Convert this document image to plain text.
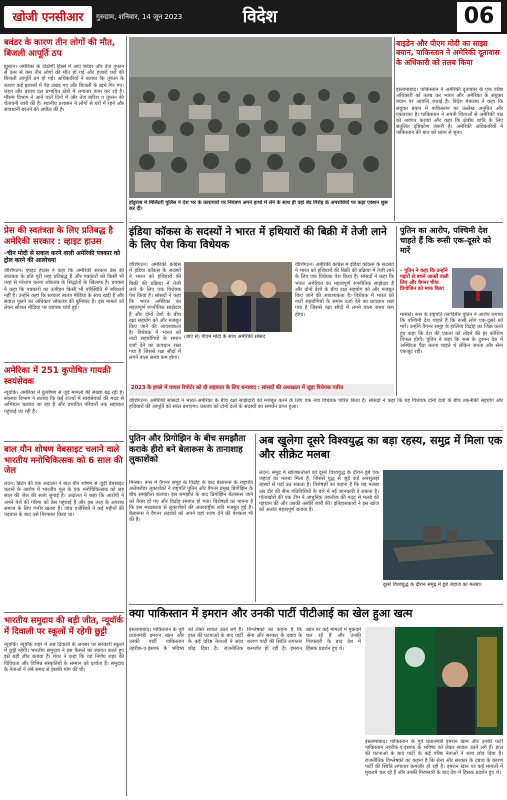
खोजी एनसीआर	गुरुग्राम, शनिवार, 14 जून 2023	विदेश	06
बवंडर के कारण तीन लोगों की मौत, बिजली आपूर्ति ठप
ह्यूस्टन। अमेरिका के दक्षिणी हिस्से में आए बवंडर और तेज तूफान से कम से कम तीन लोगों की मौत हो गई और हजारों घरों की बिजली आपूर्ति ठप हो गई। अधिकारियों ने बताया कि तूफान के कारण कई इलाकों में पेड़ उखड़ गए और बिजली के खंभे गिर गए। राहत और बचाव दल प्रभावित क्षेत्रों में लगातार काम कर रहे हैं। मौसम विभाग ने आने वाले दिनों में और तेज बारिश व तूफान की चेतावनी जारी की है। स्थानीय प्रशासन ने लोगों से घरों में रहने और सावधानी बरतने की अपील की है।
प्रेस की स्वतंत्रता के लिए प्रतिबद्ध है अमेरिकी सरकार : व्हाइट हाउस
–चीन मोदी से सवाल करने वाली अमेरिकी पत्रकार को ट्रोल करने की आलोचना
वॉशिंगटन। व्हाइट हाउस ने कहा कि अमेरिकी सरकार प्रेस की स्वतंत्रता के प्रति पूरी तरह प्रतिबद्ध है और पत्रकारों को किसी भी तरह से परेशान करना लोकतंत्र के सिद्धांतों के खिलाफ है। प्रवक्ता ने कहा कि पत्रकारों का उत्पीड़न किसी भी परिस्थिति में स्वीकार्य नहीं है। उन्होंने कहा कि सरकार स्वतंत्र मीडिया के साथ खड़ी है और सवाल पूछने का अधिकार लोकतंत्र की बुनियाद है। इस मामले को लेकर सोशल मीडिया पर व्यापक चर्चा हुई।
अमेरिका में 251 कुपोषित गायक्री स्वयंसेवक
न्यूयॉर्क। अमेरिका में कुपोषण से जुड़े मामलों की संख्या बढ़ रही है। स्वास्थ्य विभाग ने बताया कि कई राज्यों में स्वयंसेवकों की मदद से अभियान चलाया जा रहा है और प्रभावित परिवारों तक सहायता पहुंचाई जा रही है।
बाल यौन शोषण वेबसाइट चलाने वाले भारतीय मनोचिकित्सक को 6 साल की जेल
लंदन। ब्रिटेन की एक अदालत ने बाल यौन शोषण से जुड़ी वेबसाइट चलाने के आरोप में भारतीय मूल के एक मनोचिकित्सक को छह साल की जेल की सजा सुनाई है। अदालत ने कहा कि आरोपी ने अपने पेशे की गरिमा को ठेस पहुंचाई है और इस तरह के अपराध समाज के लिए गंभीर खतरा हैं। जांच एजेंसियों ने कई महीनों की पड़ताल के बाद उसे गिरफ्तार किया था।
भारतीय समुदाय की बड़ी जीत, न्यूयॉर्क में दिवाली पर स्कूलों में रहेगी छुट्टी
न्यूयॉर्क। न्यूयॉर्क शहर में अब दिवाली के अवसर पर सरकारी स्कूलों में छुट्टी रहेगी। भारतीय समुदाय ने इस फैसले का स्वागत करते हुए इसे बड़ी जीत बताया है। मेयर ने कहा कि यह निर्णय शहर की विविधता और विभिन्न संस्कृतियों के सम्मान को दर्शाता है। समुदाय के नेताओं ने लंबे समय से इसकी मांग की थी।
होंडुरास में मिलिटरी पुलिस ने देश भर के कारागारों पर नियंत्रण अपने हाथों में लेने के साथ ही वहां बंद गिरोह के अपराधियों पर कड़ा एक्शन शुरू कर दी।
बाइडेन और पीएम मोदी का साझा बयान, पाकिस्तान ने अमेरिकी दूतावास के अधिकारी को तलब किया
इस्लामाबाद। पाकिस्तान ने अमेरिकी दूतावास के एक वरिष्ठ अधिकारी को तलब कर भारत और अमेरिका के संयुक्त बयान पर आपत्ति जताई है। विदेश मंत्रालय ने कहा कि संयुक्त बयान में पाकिस्तान का उल्लेख अनुचित और एकतरफा है। पाकिस्तान ने अपनी चिंताओं से अमेरिकी पक्ष को अवगत कराया और कहा कि क्षेत्रीय शांति के लिए संतुलित दृष्टिकोण जरूरी है। अमेरिकी अधिकारियों ने पाकिस्तान की बात को ध्यान से सुना।
इंडिया कॉकस के सदस्यों ने भारत में हथियारों की बिक्री में तेजी लाने के लिए पेश किया विधेयक
वॉशिंगटन। अमेरिकी कांग्रेस में इंडिया कॉकस के सदस्यों ने भारत को हथियारों की बिक्री की प्रक्रिया में तेजी लाने के लिए एक विधेयक पेश किया है। सांसदों ने कहा कि भारत अमेरिका का महत्वपूर्ण रणनीतिक साझेदार है और दोनों देशों के बीच रक्षा सहयोग को और मजबूत किए जाने की आवश्यकता है। विधेयक में भारत को नाटो सहयोगियों के समान दर्जा देने का प्रावधान रखा गया है जिससे रक्षा सौदों में लगने वाला समय कम होगा।
(बाएं से) पीएम मोदी के साथ अमेरिकी सांसद
वॉशिंगटन। अमेरिकी कांग्रेस में इंडिया कॉकस के सदस्यों ने भारत को हथियारों की बिक्री की प्रक्रिया में तेजी लाने के लिए एक विधेयक पेश किया है। सांसदों ने कहा कि भारत अमेरिका का महत्वपूर्ण रणनीतिक साझेदार है और दोनों देशों के बीच रक्षा सहयोग को और मजबूत किए जाने की आवश्यकता है। विधेयक में भारत को नाटो सहयोगियों के समान दर्जा देने का प्रावधान रखा गया है जिससे रक्षा सौदों में लगने वाला समय कम होगा।
2023 के हमले में घायल रिपोर्टर को दी सहायता के लिए धन्यवाद : सांसदों की अध्यक्षता में जुड़ा विधेयक पारित
वॉशिंगटन। अमेरिकी सांसदों ने भारत-अमेरिका के बीच रक्षा साझेदारी को मजबूत करने के लिए एक नया विधेयक पारित किया है। सांसदों ने कहा कि यह विधेयक दोनों देशों के बीच तकनीकी सहयोग और हथियारों की आपूर्ति को सरल बनाएगा। प्रस्ताव को दोनों दलों के सदस्यों का समर्थन प्राप्त हुआ।
पुतिन का आरोप, पश्चिमी देश चाहते हैं कि रूसी एक-दूसरे को मारें
– पुतिन ने कहा कि उन्होंने गद्दारों से बचने आत्म्रों वाली लिए और वैगनर चीफ प्रिगोजिन को माफ किया
मास्को। रूस के राष्ट्रपति व्लादिमीर पुतिन ने आरोप लगाया कि पश्चिमी देश चाहते हैं कि रूसी लोग एक-दूसरे को मारें। उन्होंने वैगनर समूह के हालिया विद्रोह का जिक्र करते हुए कहा कि देश की एकता को तोड़ने की हर कोशिश विफल होगी। पुतिन ने कहा कि रूस के दुश्मन देश में अस्थिरता पैदा करना चाहते थे लेकिन जनता और सेना एकजुट रही।
पुतिन और प्रिगोझिन के बीच समझौता कराके हीरो बने बेलारूस के तानाशाह लुकाशेंको
मिन्स्क। रूस में वैगनर समूह के विद्रोह के बाद बेलारूस के राष्ट्रपति अलेक्जेंडर लुकाशेंको ने राष्ट्रपति पुतिन और वैगनर प्रमुख प्रिगोझिन के बीच समझौता कराया। इस समझौते के बाद प्रिगोझिन बेलारूस जाने को तैयार हो गए और विद्रोह समाप्त हो गया। विशेषज्ञों का मानना है कि इस मध्यस्थता से लुकाशेंको की अंतरराष्ट्रीय छवि मजबूत हुई है। बेलारूस ने वैगनर लड़ाकों को अपने यहां शरण देने की पेशकश भी की है।
अब खुलेगा दूसरे विश्वयुद्ध का बड़ा रहस्य, समुद्र में मिला एक और सीक्रेट मलबा
लंदन। समुद्र में खोजकर्ताओं को दूसरे विश्वयुद्ध के दौरान डूबे एक जहाज का मलबा मिला है, जिससे युद्ध से जुड़े कई अनसुलझे रहस्यों से पर्दा उठ सकता है। विशेषज्ञों का कहना है कि यह मलबा उस दौर की सैन्य गतिविधियों के बारे में नई जानकारी दे सकता है। गोताखोरों की एक टीम ने आधुनिक तकनीक की मदद से मलबे की पहचान की और उसकी तस्वीरें जारी कीं। इतिहासकारों ने इस खोज को अत्यंत महत्वपूर्ण बताया है।
दूसरे विश्वयुद्ध के दौरान समुद्र में डूबे जहाज का मलबा।
क्या पाकिस्तान में इमरान और उनकी पार्टी पीटीआई का खेल हुआ खत्म
इस्लामाबाद। पाकिस्तान के पूर्व प्रधानमंत्री इमरान खान और उनकी पार्टी पाकिस्तान तहरीक-ए-इंसाफ के भविष्य को लेकर सवाल उठने लगे हैं। हाल की घटनाओं के बाद पार्टी के कई वरिष्ठ नेताओं ने साथ छोड़ दिया है। राजनीतिक विश्लेषकों का कहना है कि सेना और सरकार के दबाव के कारण पार्टी की स्थिति लगातार कमजोर हो रही है। इमरान खान पर कई मामलों में मुकदमे चल रहे हैं और उनकी गिरफ्तारी के बाद देश में हिंसक प्रदर्शन हुए थे।
इस्लामाबाद। पाकिस्तान के पूर्व प्रधानमंत्री इमरान खान और उनकी पार्टी पाकिस्तान तहरीक-ए-इंसाफ के भविष्य को लेकर सवाल उठने लगे हैं। हाल की घटनाओं के बाद पार्टी के कई वरिष्ठ नेताओं ने साथ छोड़ दिया है। राजनीतिक विश्लेषकों का कहना है कि सेना और सरकार के दबाव के कारण पार्टी की स्थिति लगातार कमजोर हो रही है। इमरान खान पर कई मामलों में मुकदमे चल रहे हैं और उनकी गिरफ्तारी के बाद देश में हिंसक प्रदर्शन हुए थे।
